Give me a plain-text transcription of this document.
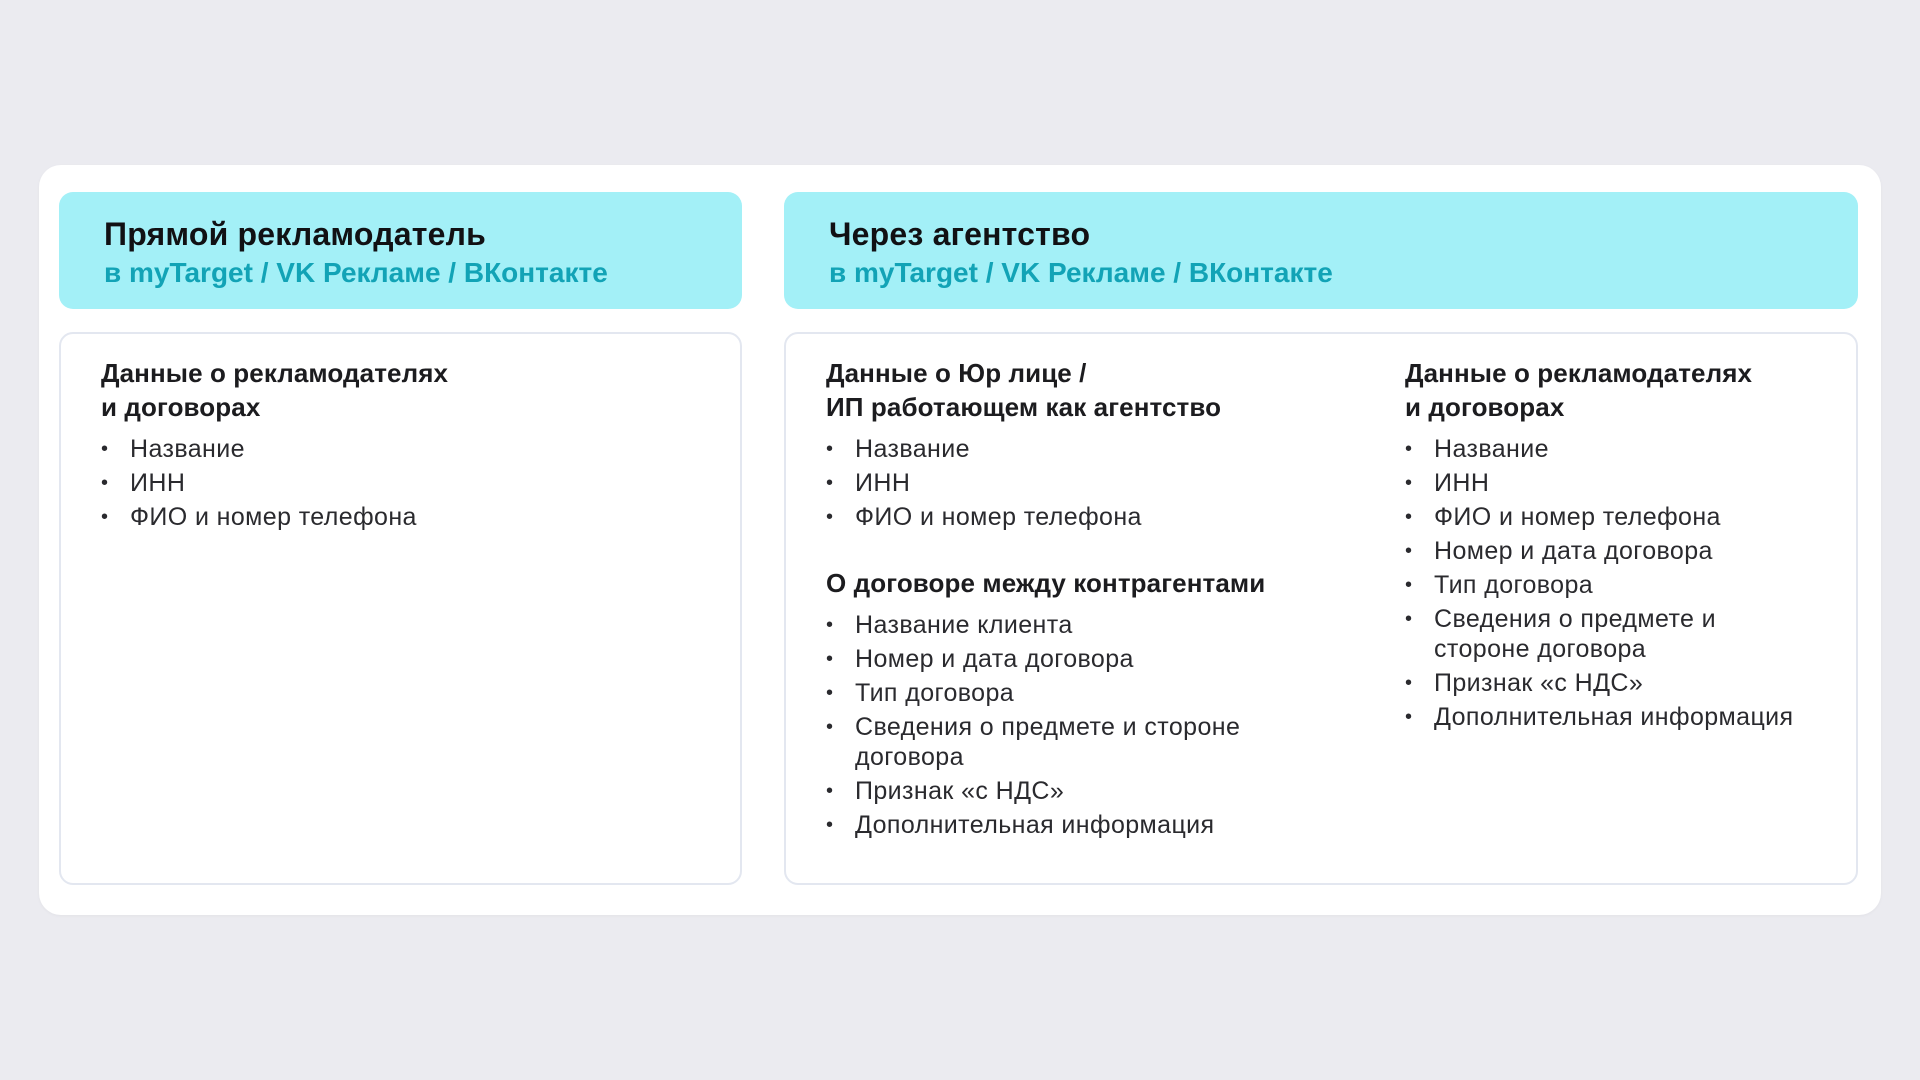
Прямой рекламодатель
в myTarget / VK Рекламе / ВКонтакте
Через агентство
в myTarget / VK Рекламе / ВКонтакте
Данные о рекламодателях
и договорах
• Название
• ИНН
• ФИО и номер телефона
Данные о Юр лице /
ИП работающем как агентство
• Название
• ИНН
• ФИО и номер телефона
О договоре между контрагентами
• Название клиента
• Номер и дата договора
• Тип договора
• Сведения о предмете и стороне договора
• Признак «с НДС»
• Дополнительная информация
Данные о рекламодателях
и договорах
• Название
• ИНН
• ФИО и номер телефона
• Номер и дата договора
• Тип договора
• Сведения о предмете и стороне договора
• Признак «с НДС»
• Дополнительная информация
